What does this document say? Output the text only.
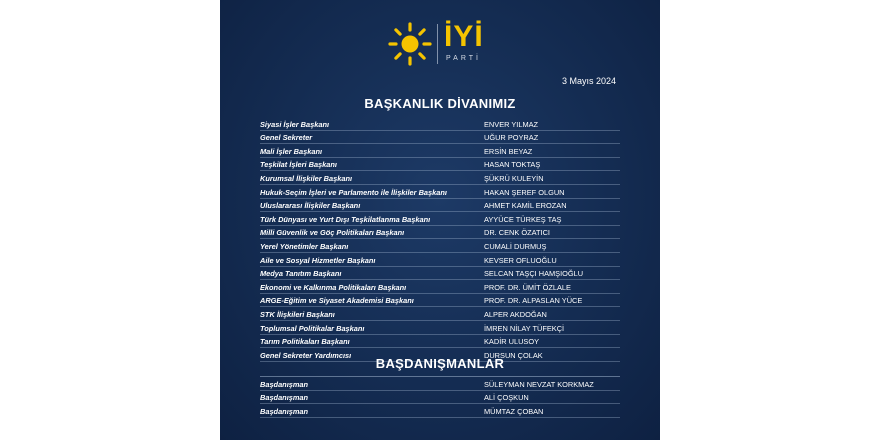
İYİ
PARTİ
3 Mayıs 2024
BAŞKANLIK DİVANIMIZ
Siyasi İşler Başkanı	ENVER YILMAZ
Genel Sekreter	UĞUR POYRAZ
Mali İşler Başkanı	ERSİN BEYAZ
Teşkilat İşleri Başkanı	HASAN TOKTAŞ
Kurumsal İlişkiler Başkanı	ŞÜKRÜ KULEYİN
Hukuk-Seçim İşleri ve Parlamento ile İlişkiler Başkanı	HAKAN ŞEREF OLGUN
Uluslararası İlişkiler Başkanı	AHMET KAMİL EROZAN
Türk Dünyası ve Yurt Dışı Teşkilatlanma Başkanı	AYYÜCE TÜRKEŞ TAŞ
Milli Güvenlik ve Göç Politikaları Başkanı	DR. CENK ÖZATICI
Yerel Yönetimler Başkanı	CUMALİ DURMUŞ
Aile ve Sosyal Hizmetler Başkanı	KEVSER OFLUOĞLU
Medya Tanıtım Başkanı	SELCAN TAŞÇI HAMŞIOĞLU
Ekonomi ve Kalkınma Politikaları Başkanı	PROF. DR. ÜMİT ÖZLALE
ARGE-Eğitim ve Siyaset Akademisi Başkanı	PROF. DR. ALPASLAN YÜCE
STK İlişkileri Başkanı	ALPER AKDOĞAN
Toplumsal Politikalar Başkanı	İMREN NİLAY TÜFEKÇİ
Tarım Politikaları Başkanı	KADİR ULUSOY
Genel Sekreter Yardımcısı	DURSUN ÇOLAK
BAŞDANIŞMANLAR
Başdanışman	SÜLEYMAN NEVZAT KORKMAZ
Başdanışman	ALİ ÇOŞKUN
Başdanışman	MÜMTAZ ÇOBAN
